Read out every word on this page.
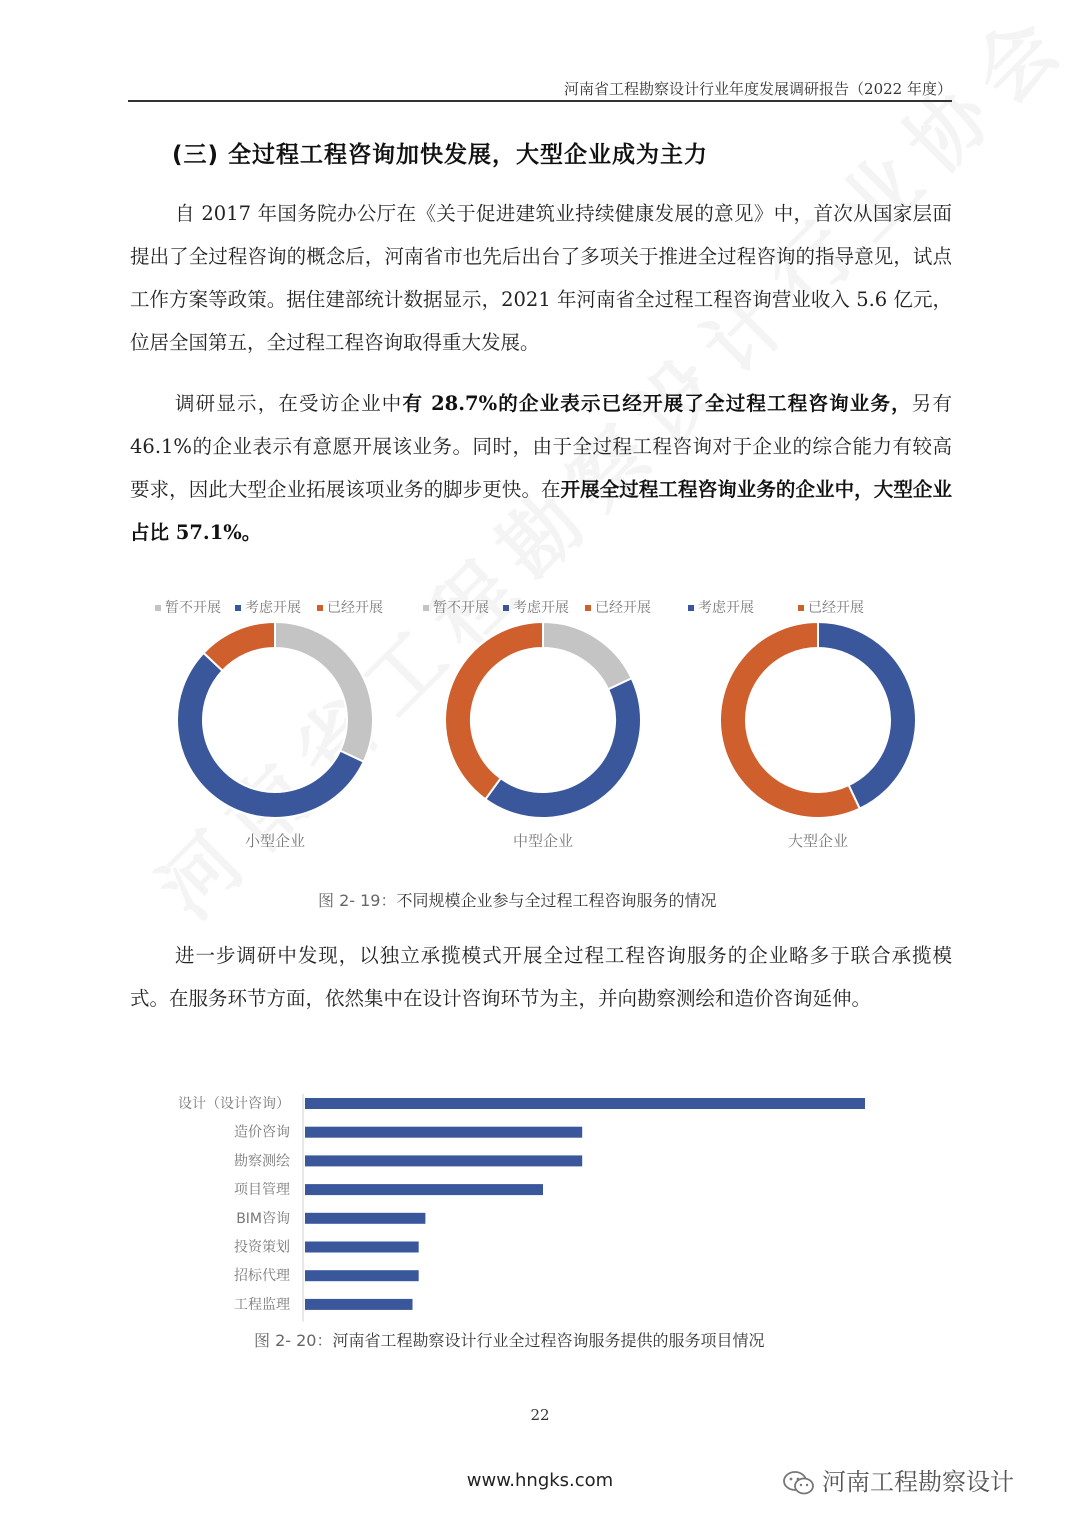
河南省工程勘察设计行业年度发展调研报告（2022 年度）
(三) 全过程工程咨询加快发展，大型企业成为主力

自 2017 年国务院办公厅在《关于促进建筑业持续健康发展的意见》中，首次从国家层面提出了全过程咨询的概念后，河南省市也先后出台了多项关于推进全过程咨询的指导意见，试点工作方案等政策。据住建部统计数据显示，2021 年河南省全过程工程咨询营业收入 5.6 亿元，位居全国第五，全过程工程咨询取得重大发展。

调研显示，在受访企业中有 28.7%的企业表示已经开展了全过程工程咨询业务，另有 46.1%的企业表示有意愿开展该业务。同时，由于全过程工程咨询对于企业的综合能力有较高要求，因此大型企业拓展该项业务的脚步更快。在开展全过程工程咨询业务的企业中，大型企业占比 57.1%。

暂不开展	考虑开展	已经开展
小型企业
暂不开展	考虑开展	已经开展
中型企业
考虑开展	已经开展
大型企业
图 2- 19：不同规模企业参与全过程工程咨询服务的情况

进一步调研中发现，以独立承揽模式开展全过程工程咨询服务的企业略多于联合承揽模式。在服务环节方面，依然集中在设计咨询环节为主，并向勘察测绘和造价咨询延伸。

设计（设计咨询）
造价咨询
勘察测绘
项目管理
BIM咨询
投资策划
招标代理
工程监理
图 2- 20：河南省工程勘察设计行业全过程咨询服务提供的服务项目情况
22
www.hngks.com	河南工程勘察设计
